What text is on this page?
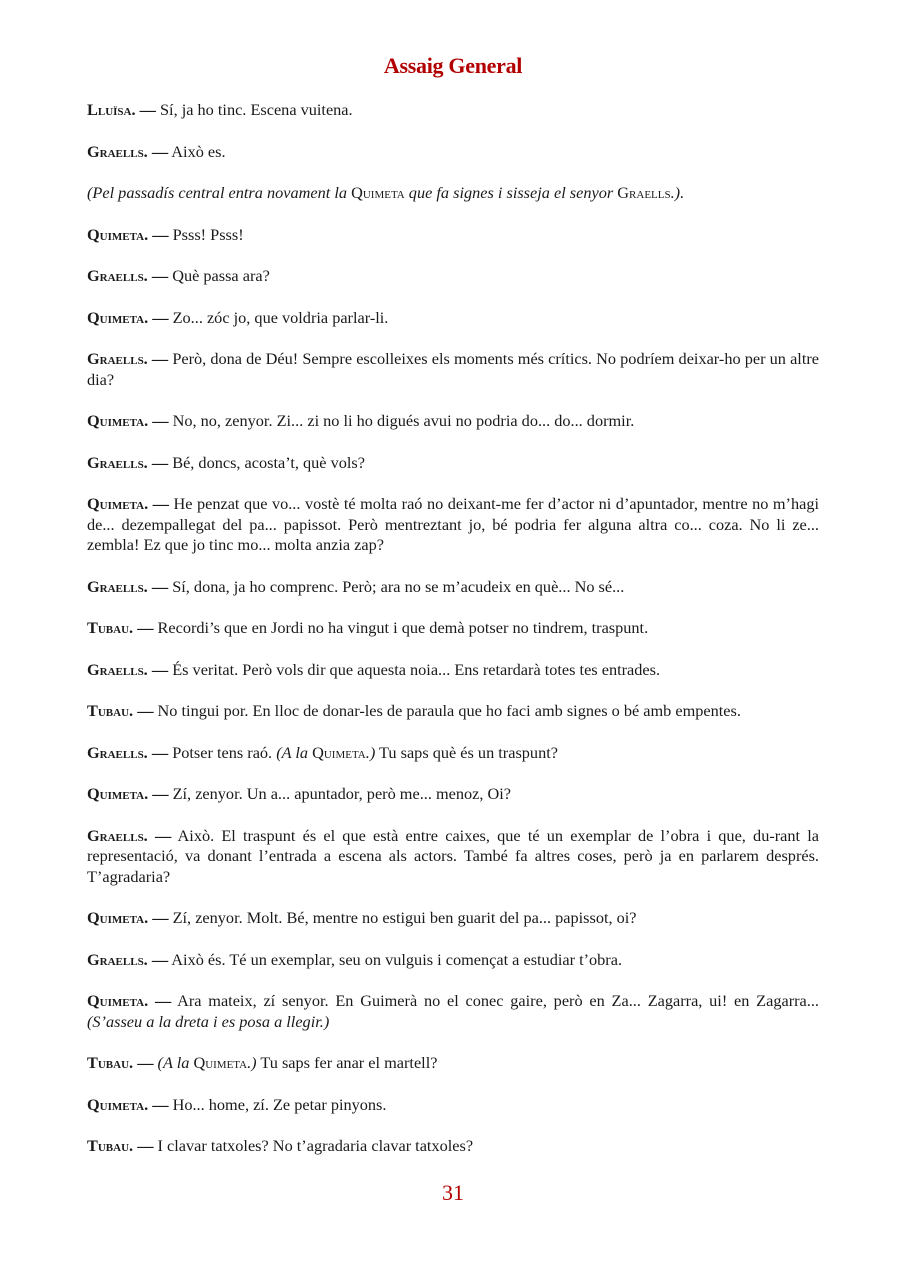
Assaig General

Lluïsa. — Sí, ja ho tinc. Escena vuitena.

Graells. — Això es.

(Pel passadís central entra novament la Quimeta que fa signes i sisseja el senyor Graells.).

Quimeta. — Psss! Psss!

Graells. — Què passa ara?

Quimeta. — Zo... zóc jo, que voldria parlar-li.

Graells. — Però, dona de Déu! Sempre escolleixes els moments més crítics. No podríem deixar-ho per un altre dia?

Quimeta. — No, no, zenyor. Zi... zi no li ho digués avui no podria do... do... dormir.

Graells. — Bé, doncs, acosta’t, què vols?

Quimeta. — He penzat que vo... vostè té molta raó no deixant-me fer d’actor ni d’apuntador, mentre no m’hagi de... dezempallegat del pa... papissot. Però mentreztant jo, bé podria fer alguna altra co... coza. No li ze... zembla! Ez que jo tinc mo... molta anzia zap?

Graells. — Sí, dona, ja ho comprenc. Però; ara no se m’acudeix en què... No sé...

Tubau. — Recordi’s que en Jordi no ha vingut i que demà potser no tindrem, traspunt.

Graells. — És veritat. Però vols dir que aquesta noia... Ens retardarà totes tes entrades.

Tubau. — No tingui por. En lloc de donar-les de paraula que ho faci amb signes o bé amb empentes.

Graells. — Potser tens raó. (A la Quimeta.) Tu saps què és un traspunt?

Quimeta. — Zí, zenyor. Un a... apuntador, però me... menoz, Oi?

Graells. — Això. El traspunt és el que està entre caixes, que té un exemplar de l’obra i que, du-rant la representació, va donant l’entrada a escena als actors. També fa altres coses, però ja en parlarem després. T’agradaria?

Quimeta. — Zí, zenyor. Molt. Bé, mentre no estigui ben guarit del pa... papissot, oi?

Graells. — Això és. Té un exemplar, seu on vulguis i començat a estudiar t’obra.

Quimeta. — Ara mateix, zí senyor. En Guimerà no el conec gaire, però en Za... Zagarra, ui! en Zagarra... (S’asseu a la dreta i es posa a llegir.)

Tubau. — (A la Quimeta.) Tu saps fer anar el martell?

Quimeta. — Ho... home, zí. Ze petar pinyons.

Tubau. — I clavar tatxoles? No t’agradaria clavar tatxoles?

31
